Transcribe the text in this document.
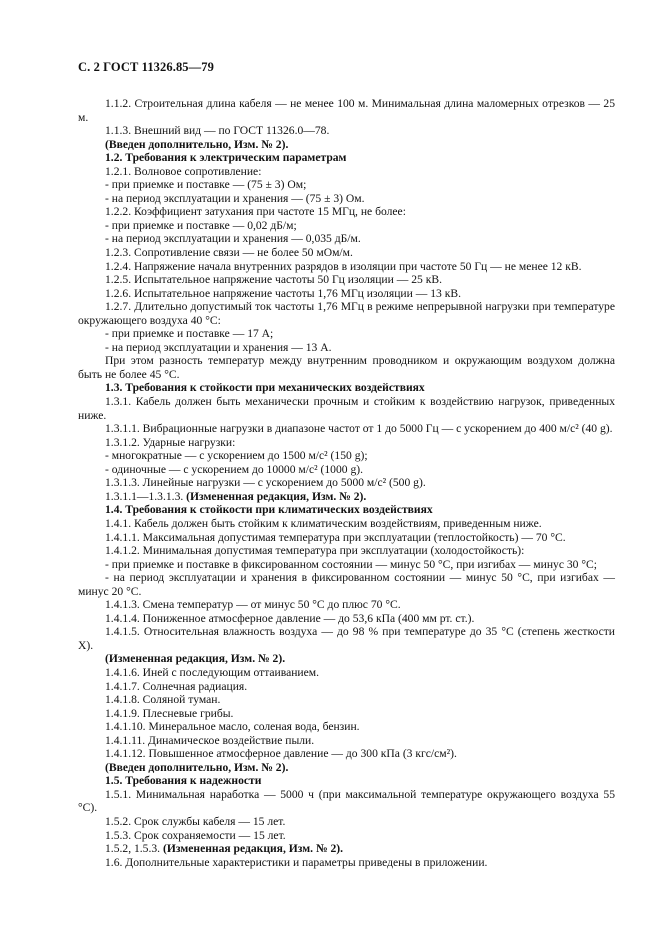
С. 2 ГОСТ 11326.85—79

1.1.2. Строительная длина кабеля — не менее 100 м. Минимальная длина маломерных отрезков — 25 м.

1.1.3. Внешний вид — по ГОСТ 11326.0—78.

(Введен дополнительно, Изм. № 2).

1.2. Требования к электрическим параметрам

1.2.1. Волновое сопротивление:

- при приемке и поставке — (75 ± 3) Ом;

- на период эксплуатации и хранения — (75 ± 3) Ом.

1.2.2. Коэффициент затухания при частоте 15 МГц, не более:

- при приемке и поставке — 0,02 дБ/м;

- на период эксплуатации и хранения — 0,035 дБ/м.

1.2.3. Сопротивление связи — не более 50 мОм/м.

1.2.4. Напряжение начала внутренних разрядов в изоляции при частоте 50 Гц — не менее 12 кВ.

1.2.5. Испытательное напряжение частоты 50 Гц изоляции — 25 кВ.

1.2.6. Испытательное напряжение частоты 1,76 МГц изоляции — 13 кВ.

1.2.7. Длительно допустимый ток частоты 1,76 МГц в режиме непрерывной нагрузки при температуре окружающего воздуха 40 °С:

- при приемке и поставке — 17 А;

- на период эксплуатации и хранения — 13 А.

При этом разность температур между внутренним проводником и окружающим воздухом должна быть не более 45 °С.

1.3. Требования к стойкости при механических воздействиях

1.3.1. Кабель должен быть механически прочным и стойким к воздействию нагрузок, приведенных ниже.

1.3.1.1. Вибрационные нагрузки в диапазоне частот от 1 до 5000 Гц — с ускорением до 400 м/с² (40 g).

1.3.1.2. Ударные нагрузки:

- многократные — с ускорением до 1500 м/с² (150 g);

- одиночные — с ускорением до 10000 м/с² (1000 g).

1.3.1.3. Линейные нагрузки — с ускорением до 5000 м/с² (500 g).

1.3.1.1—1.3.1.3. (Измененная редакция, Изм. № 2).

1.4. Требования к стойкости при климатических воздействиях

1.4.1. Кабель должен быть стойким к климатическим воздействиям, приведенным ниже.

1.4.1.1. Максимальная допустимая температура при эксплуатации (теплостойкость) — 70 °С.

1.4.1.2. Минимальная допустимая температура при эксплуатации (холодостойкость):

- при приемке и поставке в фиксированном состоянии — минус 50 °С, при изгибах — минус 30 °С;

- на период эксплуатации и хранения в фиксированном состоянии — минус 50 °С, при изгибах — минус 20 °С.

1.4.1.3. Смена температур — от минус 50 °С до плюс 70 °С.

1.4.1.4. Пониженное атмосферное давление — до 53,6 кПа (400 мм рт. ст.).

1.4.1.5. Относительная влажность воздуха — до 98 % при температуре до 35 °С (степень жесткости X).

(Измененная редакция, Изм. № 2).

1.4.1.6. Иней с последующим оттаиванием.

1.4.1.7. Солнечная радиация.

1.4.1.8. Соляной туман.

1.4.1.9. Плесневые грибы.

1.4.1.10. Минеральное масло, соленая вода, бензин.

1.4.1.11. Динамическое воздействие пыли.

1.4.1.12. Повышенное атмосферное давление — до 300 кПа (3 кгс/см²).

(Введен дополнительно, Изм. № 2).

1.5. Требования к надежности

1.5.1. Минимальная наработка — 5000 ч (при максимальной температуре окружающего воздуха 55 °С).

1.5.2. Срок службы кабеля — 15 лет.

1.5.3. Срок сохраняемости — 15 лет.

1.5.2, 1.5.3. (Измененная редакция, Изм. № 2).

1.6. Дополнительные характеристики и параметры приведены в приложении.
